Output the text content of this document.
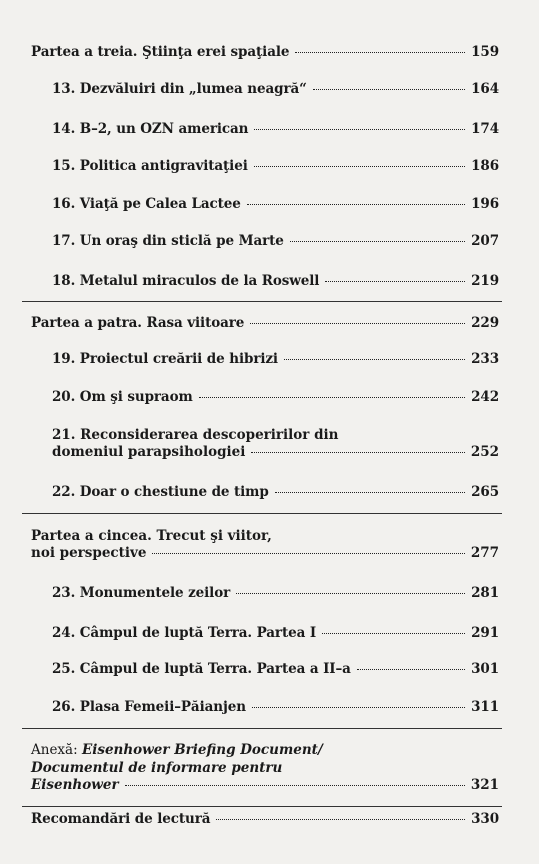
Partea a treia. Ştiinţa erei spaţiale	159
13. Dezvăluiri din „lumea neagră“	164
14. B–2, un OZN american	174
15. Politica antigravitaţiei	186
16. Viaţă pe Calea Lactee	196
17. Un oraş din sticlă pe Marte	207
18. Metalul miraculos de la Roswell	219
Partea a patra. Rasa viitoare	229
19. Proiectul creării de hibrizi	233
20. Om şi supraom	242
21. Reconsiderarea descoperirilor din
domeniul parapsihologiei	252
22. Doar o chestiune de timp	265
Partea a cincea. Trecut şi viitor,
noi perspective	277
23. Monumentele zeilor	281
24. Câmpul de luptă Terra. Partea I	291
25. Câmpul de luptă Terra. Partea a II–a	301
26. Plasa Femeii–Păianjen	311
Anexă: Eisenhower Briefing Document/
Documentul de informare pentru
Eisenhower	321
Recomandări de lectură	330
